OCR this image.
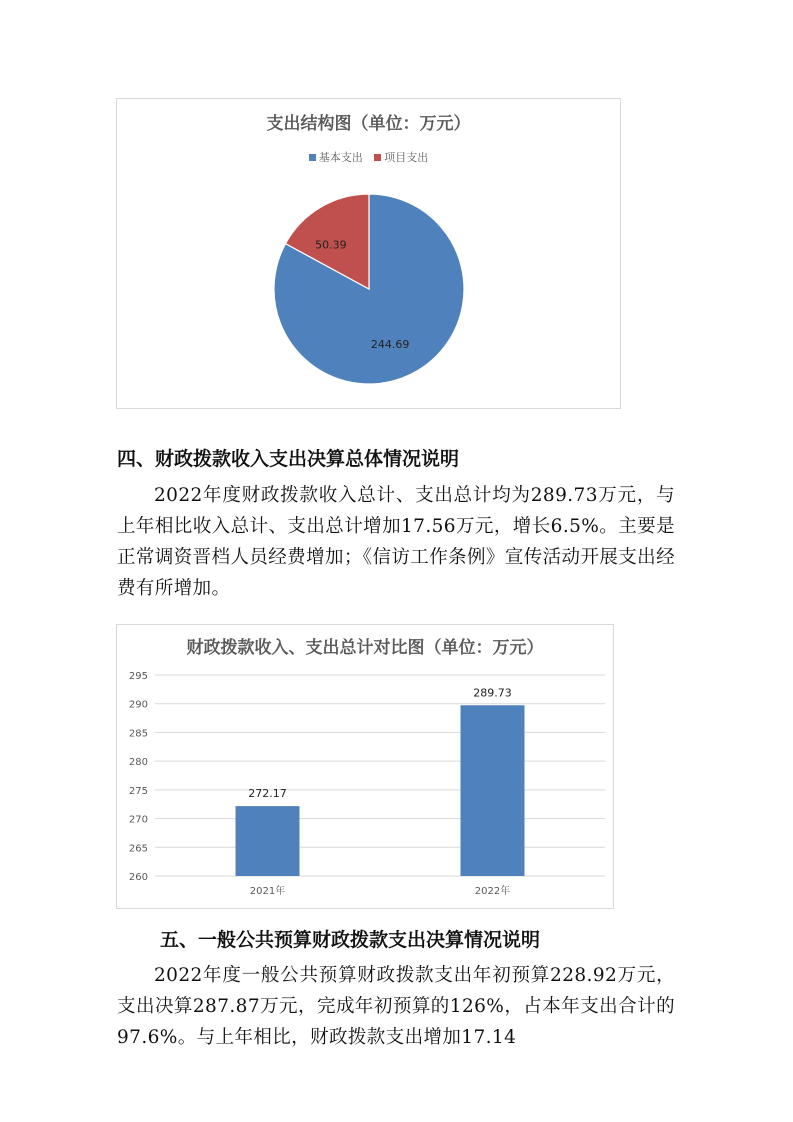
支出结构图（单位：万元）
基本支出 项目支出
244.69
50.39
四、财政拨款收入支出决算总体情况说明
2022年度财政拨款收入总计、支出总计均为289.73万元，与上年相比收入总计、支出总计增加17.56万元，增长6.5%。主要是正常调资晋档人员经费增加；《信访工作条例》宣传活动开展支出经费有所增加。
财政拨款收入、支出总计对比图（单位：万元）
260
265
270
275
280
285
290
295
272.17
2021年
289.73
2022年
五、一般公共预算财政拨款支出决算情况说明
2022年度一般公共预算财政拨款支出年初预算228.92万元，支出决算287.87万元，完成年初预算的126%，占本年支出合计的97.6%。与上年相比，财政拨款支出增加17.14
